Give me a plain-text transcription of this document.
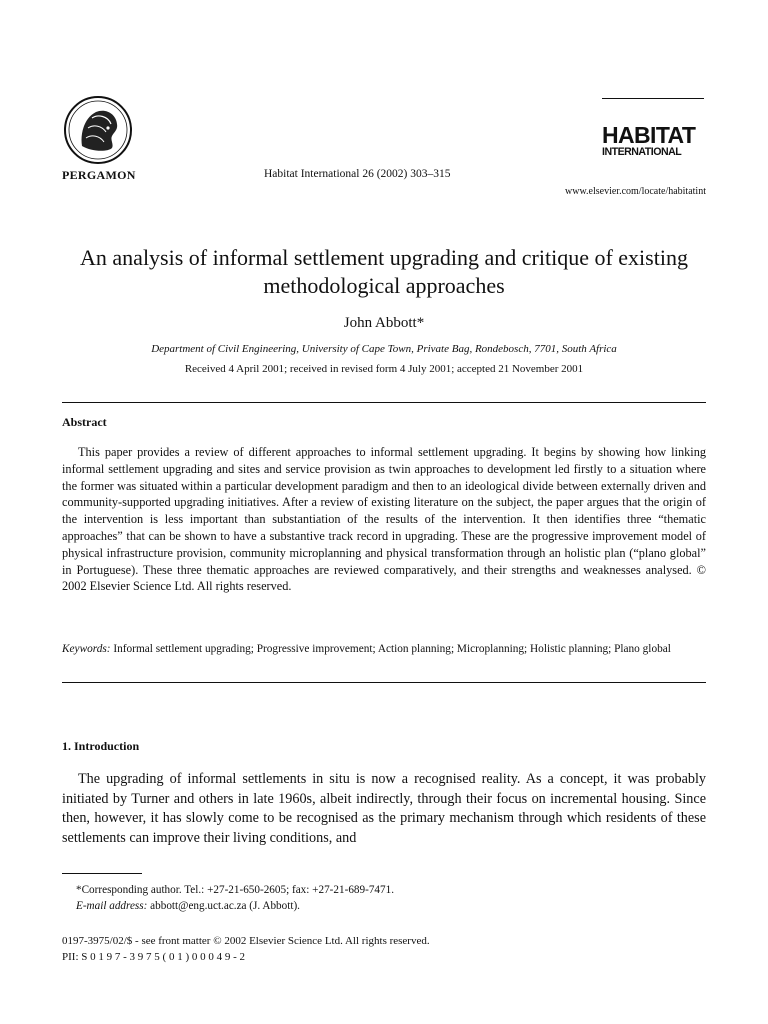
PERGAMON	Habitat International 26 (2002) 303–315
HABITAT
INTERNATIONAL
www.elsevier.com/locate/habitatint
An analysis of informal settlement upgrading and critique of existing methodological approaches
John Abbott*
Department of Civil Engineering, University of Cape Town, Private Bag, Rondebosch, 7701, South Africa
Received 4 April 2001; received in revised form 4 July 2001; accepted 21 November 2001
Abstract
This paper provides a review of different approaches to informal settlement upgrading. It begins by showing how linking informal settlement upgrading and sites and service provision as twin approaches to development led firstly to a situation where the former was situated within a particular development paradigm and then to an ideological divide between externally driven and community-supported upgrading initiatives. After a review of existing literature on the subject, the paper argues that the origin of the intervention is less important than substantiation of the results of the intervention. It then identifies three “thematic approaches” that can be shown to have a substantive track record in upgrading. These are the progressive improvement model of physical infrastructure provision, community microplanning and physical transformation through an holistic plan (“plano global” in Portuguese). These three thematic approaches are reviewed comparatively, and their strengths and weaknesses analysed. © 2002 Elsevier Science Ltd. All rights reserved.
Keywords: Informal settlement upgrading; Progressive improvement; Action planning; Microplanning; Holistic planning; Plano global
1. Introduction
The upgrading of informal settlements in situ is now a recognised reality. As a concept, it was probably initiated by Turner and others in late 1960s, albeit indirectly, through their focus on incremental housing. Since then, however, it has slowly come to be recognised as the primary mechanism through which residents of these settlements can improve their living conditions, and
*Corresponding author. Tel.: +27-21-650-2605; fax: +27-21-689-7471.
E-mail address: abbott@eng.uct.ac.za (J. Abbott).
0197-3975/02/$ - see front matter © 2002 Elsevier Science Ltd. All rights reserved.
PII: S 0 1 9 7 - 3 9 7 5 ( 0 1 ) 0 0 0 4 9 - 2
